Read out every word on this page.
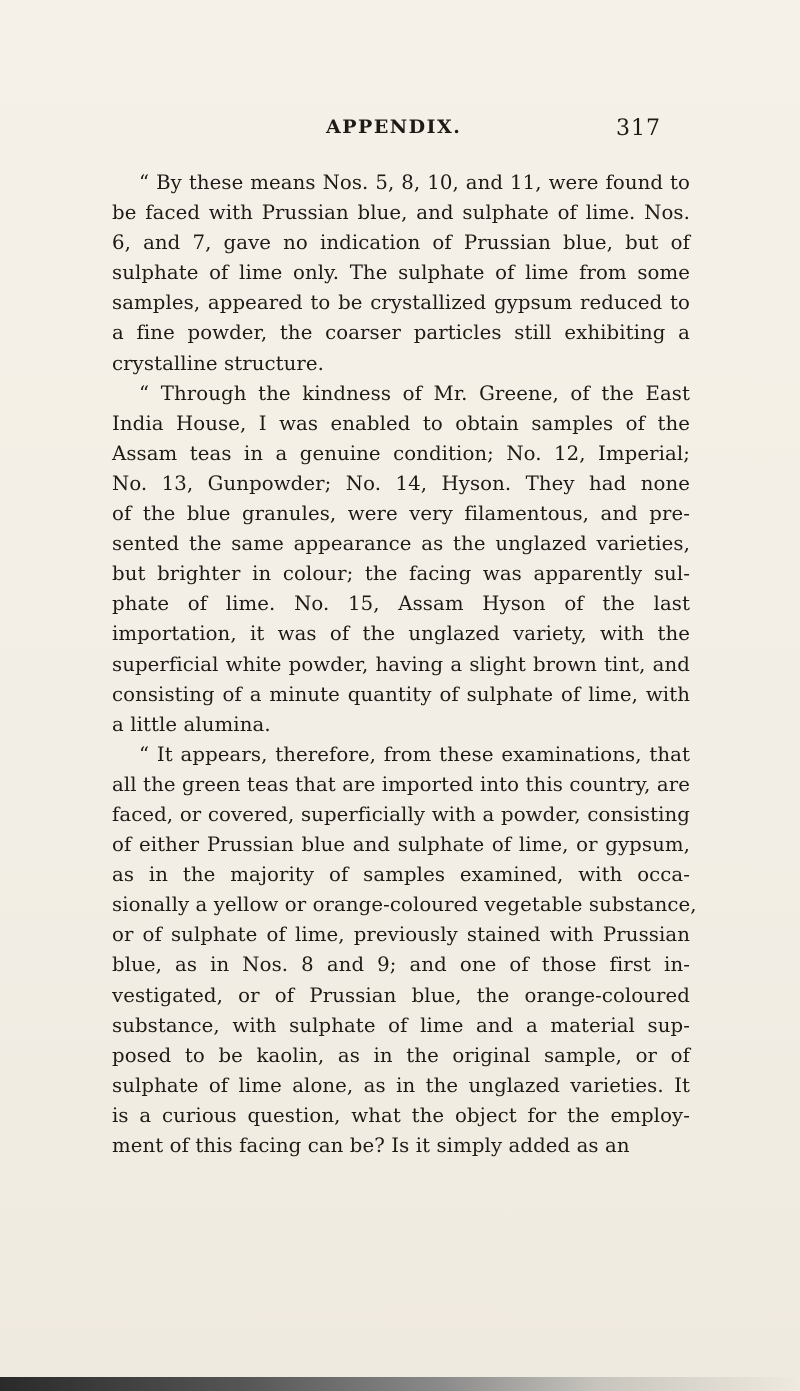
APPENDIX.	317
“ By these means Nos. 5, 8, 10, and 11, were found to
be faced with Prussian blue, and sulphate of lime. Nos.
6, and 7, gave no indication of Prussian blue, but of
sulphate of lime only. The sulphate of lime from some
samples, appeared to be crystallized gypsum reduced to
a fine powder, the coarser particles still exhibiting a
crystalline structure.
“ Through the kindness of Mr. Greene, of the East
India House, I was enabled to obtain samples of the
Assam teas in a genuine condition; No. 12, Imperial;
No. 13, Gunpowder; No. 14, Hyson. They had none
of the blue granules, were very filamentous, and pre-
sented the same appearance as the unglazed varieties,
but brighter in colour; the facing was apparently sul-
phate of lime. No. 15, Assam Hyson of the last
importation, it was of the unglazed variety, with the
superficial white powder, having a slight brown tint, and
consisting of a minute quantity of sulphate of lime, with
a little alumina.
“ It appears, therefore, from these examinations, that
all the green teas that are imported into this country, are
faced, or covered, superficially with a powder, consisting
of either Prussian blue and sulphate of lime, or gypsum,
as in the majority of samples examined, with occa-
sionally a yellow or orange-coloured vegetable substance,
or of sulphate of lime, previously stained with Prussian
blue, as in Nos. 8 and 9; and one of those first in-
vestigated, or of Prussian blue, the orange-coloured
substance, with sulphate of lime and a material sup-
posed to be kaolin, as in the original sample, or of
sulphate of lime alone, as in the unglazed varieties. It
is a curious question, what the object for the employ-
ment of this facing can be? Is it simply added as an
